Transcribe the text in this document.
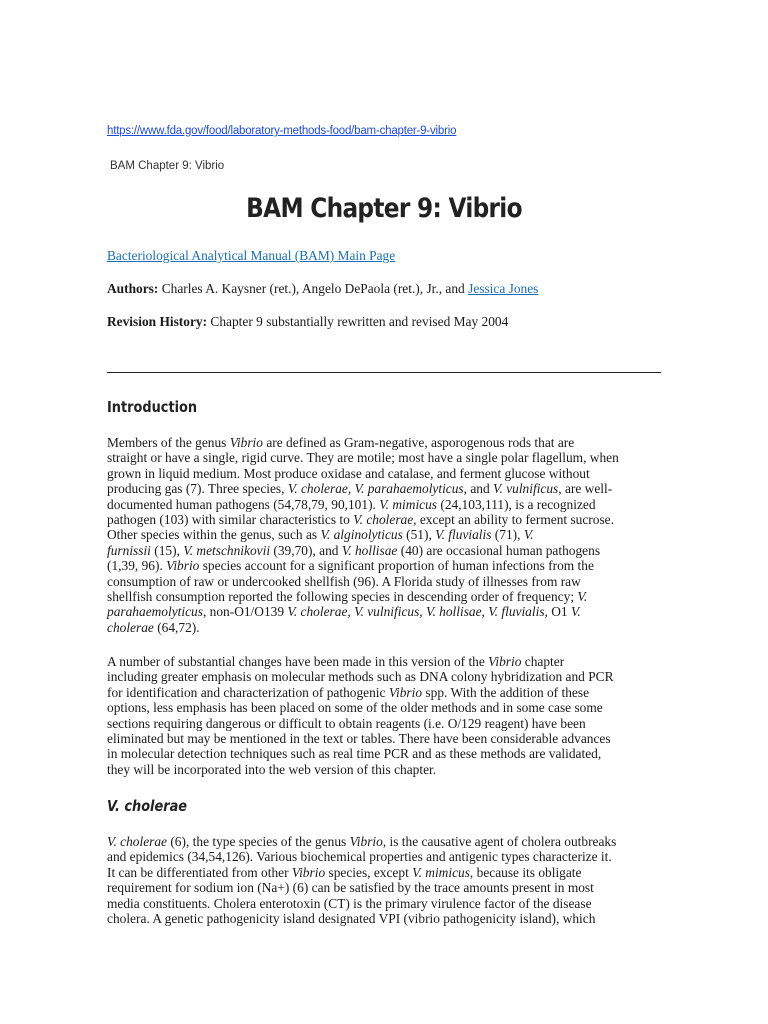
https://www.fda.gov/food/laboratory-methods-food/bam-chapter-9-vibrio
BAM Chapter 9: Vibrio
BAM Chapter 9: Vibrio
Bacteriological Analytical Manual (BAM) Main Page
Authors: Charles A. Kaysner (ret.), Angelo DePaola (ret.), Jr., and Jessica Jones
Revision History: Chapter 9 substantially rewritten and revised May 2004
Introduction
Members of the genus Vibrio are defined as Gram-negative, asporogenous rods that are
straight or have a single, rigid curve. They are motile; most have a single polar flagellum, when
grown in liquid medium. Most produce oxidase and catalase, and ferment glucose without
producing gas (7). Three species, V. cholerae, V. parahaemolyticus, and V. vulnificus, are well-
documented human pathogens (54,78,79, 90,101). V. mimicus (24,103,111), is a recognized
pathogen (103) with similar characteristics to V. cholerae, except an ability to ferment sucrose.
Other species within the genus, such as V. alginolyticus (51), V. fluvialis (71), V.
furnissii (15), V. metschnikovii (39,70), and V. hollisae (40) are occasional human pathogens
(1,39, 96). Vibrio species account for a significant proportion of human infections from the
consumption of raw or undercooked shellfish (96). A Florida study of illnesses from raw
shellfish consumption reported the following species in descending order of frequency; V.
parahaemolyticus, non-O1/O139 V. cholerae, V. vulnificus, V. hollisae, V. fluvialis, O1 V.
cholerae (64,72).
A number of substantial changes have been made in this version of the Vibrio chapter
including greater emphasis on molecular methods such as DNA colony hybridization and PCR
for identification and characterization of pathogenic Vibrio spp. With the addition of these
options, less emphasis has been placed on some of the older methods and in some case some
sections requiring dangerous or difficult to obtain reagents (i.e. O/129 reagent) have been
eliminated but may be mentioned in the text or tables. There have been considerable advances
in molecular detection techniques such as real time PCR and as these methods are validated,
they will be incorporated into the web version of this chapter.
V. cholerae
V. cholerae (6), the type species of the genus Vibrio, is the causative agent of cholera outbreaks
and epidemics (34,54,126). Various biochemical properties and antigenic types characterize it.
It can be differentiated from other Vibrio species, except V. mimicus, because its obligate
requirement for sodium ion (Na+) (6) can be satisfied by the trace amounts present in most
media constituents. Cholera enterotoxin (CT) is the primary virulence factor of the disease
cholera. A genetic pathogenicity island designated VPI (vibrio pathogenicity island), which
